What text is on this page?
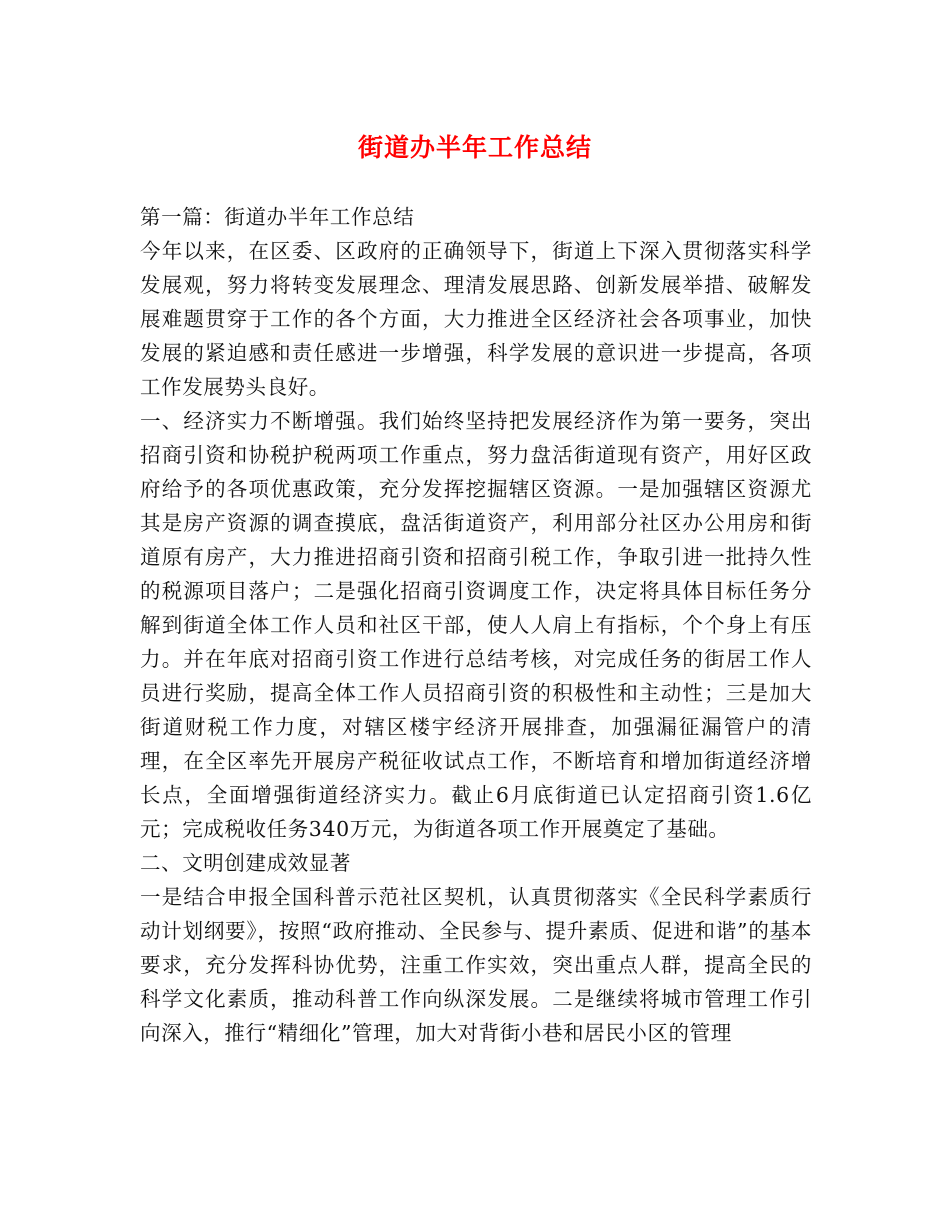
街道办半年工作总结

第一篇：街道办半年工作总结

今年以来，在区委、区政府的正确领导下，街道上下深入贯彻落实科学发展观，努力将转变发展理念、理清发展思路、创新发展举措、破解发展难题贯穿于工作的各个方面，大力推进全区经济社会各项事业，加快发展的紧迫感和责任感进一步增强，科学发展的意识进一步提高，各项工作发展势头良好。

一、经济实力不断增强。我们始终坚持把发展经济作为第一要务，突出招商引资和协税护税两项工作重点，努力盘活街道现有资产，用好区政府给予的各项优惠政策，充分发挥挖掘辖区资源。一是加强辖区资源尤其是房产资源的调查摸底，盘活街道资产，利用部分社区办公用房和街道原有房产，大力推进招商引资和招商引税工作，争取引进一批持久性的税源项目落户；二是强化招商引资调度工作，决定将具体目标任务分解到街道全体工作人员和社区干部，使人人肩上有指标，个个身上有压力。并在年底对招商引资工作进行总结考核，对完成任务的街居工作人员进行奖励，提高全体工作人员招商引资的积极性和主动性；三是加大街道财税工作力度，对辖区楼宇经济开展排查，加强漏征漏管户的清理，在全区率先开展房产税征收试点工作，不断培育和增加街道经济增长点，全面增强街道经济实力。截止6月底街道已认定招商引资1.6亿元；完成税收任务340万元，为街道各项工作开展奠定了基础。

二、文明创建成效显著

一是结合申报全国科普示范社区契机，认真贯彻落实《全民科学素质行动计划纲要》，按照“政府推动、全民参与、提升素质、促进和谐”的基本要求，充分发挥科协优势，注重工作实效，突出重点人群，提高全民的科学文化素质，推动科普工作向纵深发展。二是继续将城市管理工作引向深入，推行“精细化”管理，加大对背街小巷和居民小区的管理
